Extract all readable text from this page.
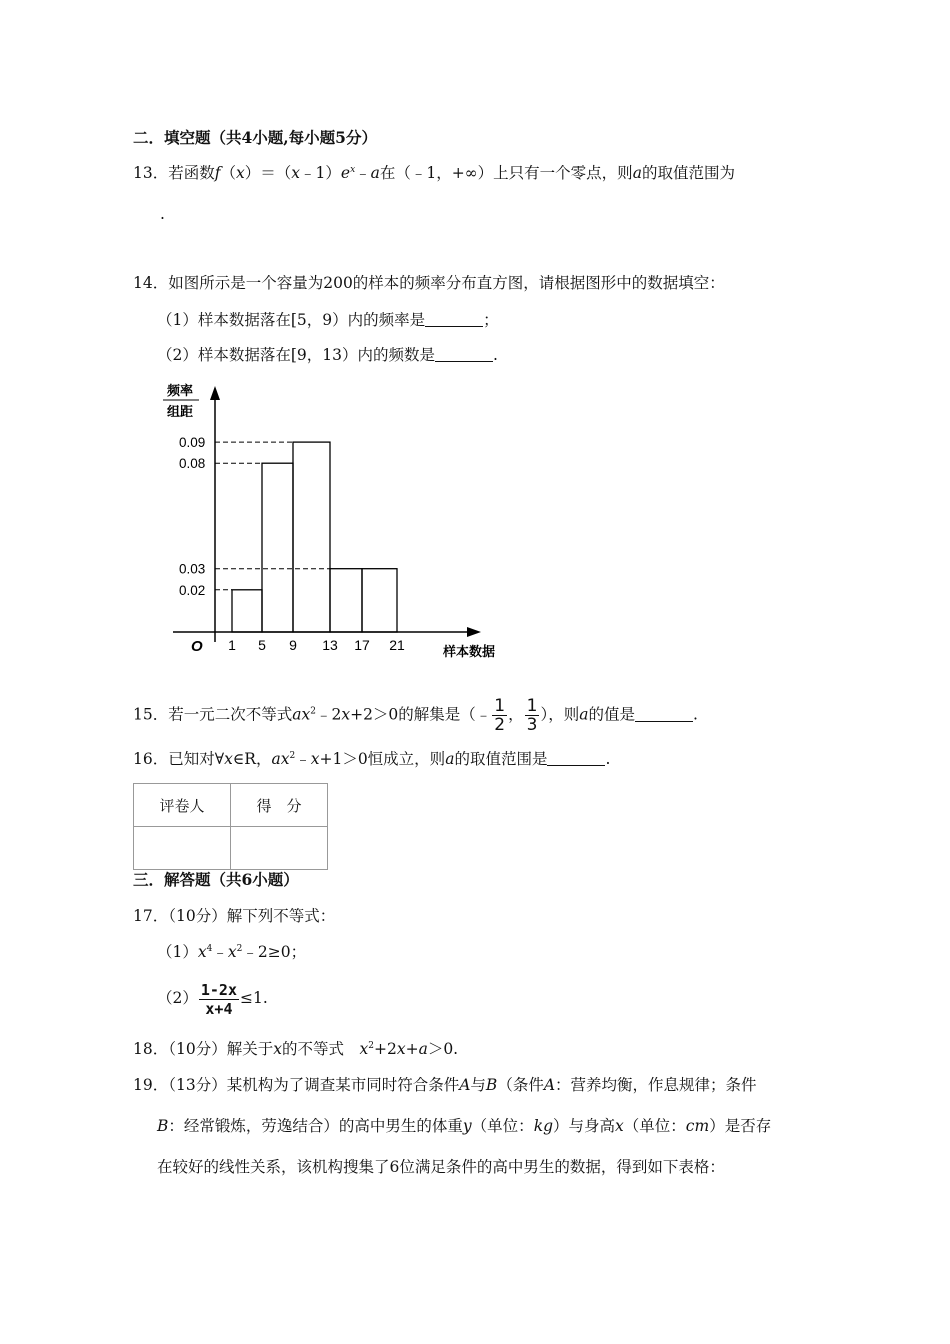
二．填空题（共4小题,每小题5分）
13．若函数$f(x)=(x﹣1)e^x﹣a$在（﹣1，+∞）上只有一个零点，则a的取值范围为
.
14．如图所示是一个容量为200的样本的频率分布直方图，请根据图形中的数据填空：
（1）样本数据落在[5，9）内的频率是	；
（2）样本数据落在[9，13）内的频数是	.
频率
组距
样本数据
O
0.09
0.08
0.03
0.02
1 5 9 13 17 21
15．若一元二次不等式$ax^2﹣2x+2>0$的解集是（﹣ $\frac{1}{2}$ ， $\frac{1}{3}$ ），则a的值是	.
16．已知对∀x∈R，$ax^2﹣x+1>0$恒成立，则a的取值范围是	.
评卷人	得　分

三．解答题（共6小题）
17．（10分）解下列不等式：
$(1)x^4﹣x^2﹣2\ge 0$；
$(2) \frac{1-2x}{x+4} \le 1$.
18．（10分）解关于x的不等式　$x^2+2x+a>0$.
19．（13分）某机构为了调查某市同时符合条件A与B（条件A：营养均衡，作息规律；条件
B：经常锻炼，劳逸结合）的高中男生的体重y（单位：kg）与身高x（单位：cm）是否存
在较好的线性关系，该机构搜集了6位满足条件的高中男生的数据，得到如下表格：
